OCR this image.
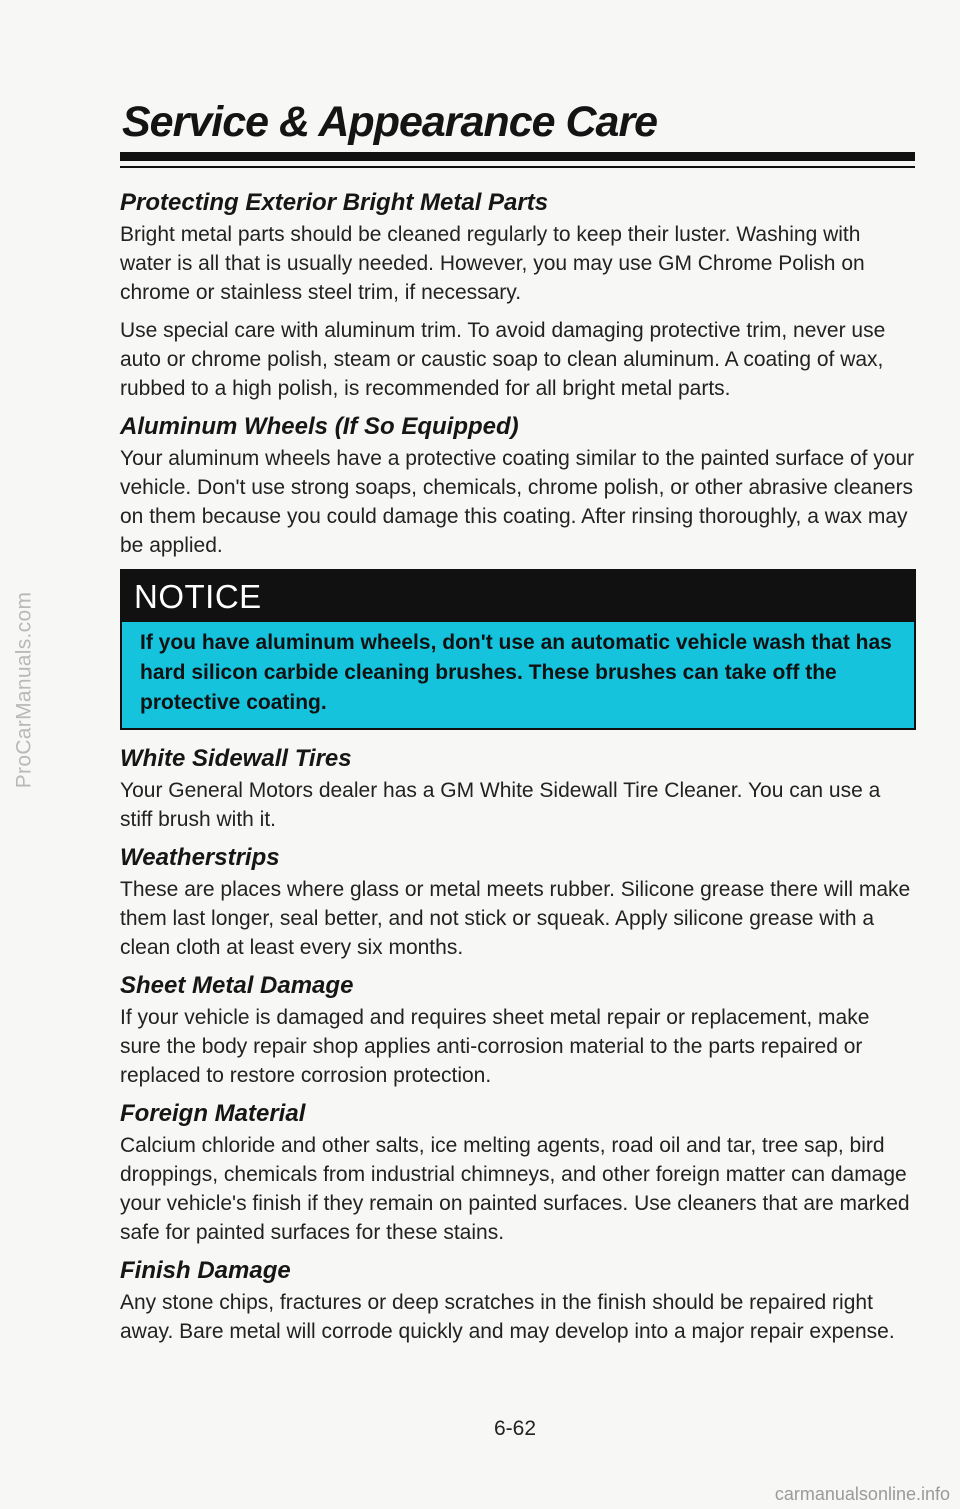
ProCarManuals.com
Service & Appearance Care
Protecting Exterior Bright Metal Parts

Bright metal parts should be cleaned regularly to keep their luster. Washing with water is all that is usually needed. However, you may use GM Chrome Polish on chrome or stainless steel trim, if necessary.

Use special care with aluminum trim. To avoid damaging protective trim, never use auto or chrome polish, steam or caustic soap to clean aluminum. A coating of wax, rubbed to a high polish, is recommended for all bright metal parts.

Aluminum Wheels (If So Equipped)

Your aluminum wheels have a protective coating similar to the painted surface of your vehicle. Don't use strong soaps, chemicals, chrome polish, or other abrasive cleaners on them because you could damage this coating. After rinsing thoroughly, a wax may be applied.

NOTICE
If you have aluminum wheels, don't use an automatic vehicle wash that has hard silicon carbide cleaning brushes. These brushes can take off the protective coating.
White Sidewall Tires

Your General Motors dealer has a GM White Sidewall Tire Cleaner. You can use a stiff brush with it.

Weatherstrips

These are places where glass or metal meets rubber. Silicone grease there will make them last longer, seal better, and not stick or squeak. Apply silicone grease with a clean cloth at least every six months.

Sheet Metal Damage

If your vehicle is damaged and requires sheet metal repair or replacement, make sure the body repair shop applies anti-corrosion material to the parts repaired or replaced to restore corrosion protection.

Foreign Material

Calcium chloride and other salts, ice melting agents, road oil and tar, tree sap, bird droppings, chemicals from industrial chimneys, and other foreign matter can damage your vehicle's finish if they remain on painted surfaces. Use cleaners that are marked safe for painted surfaces for these stains.

Finish Damage

Any stone chips, fractures or deep scratches in the finish should be repaired right away. Bare metal will corrode quickly and may develop into a major repair expense.

6-62
carmanualsonline.info
